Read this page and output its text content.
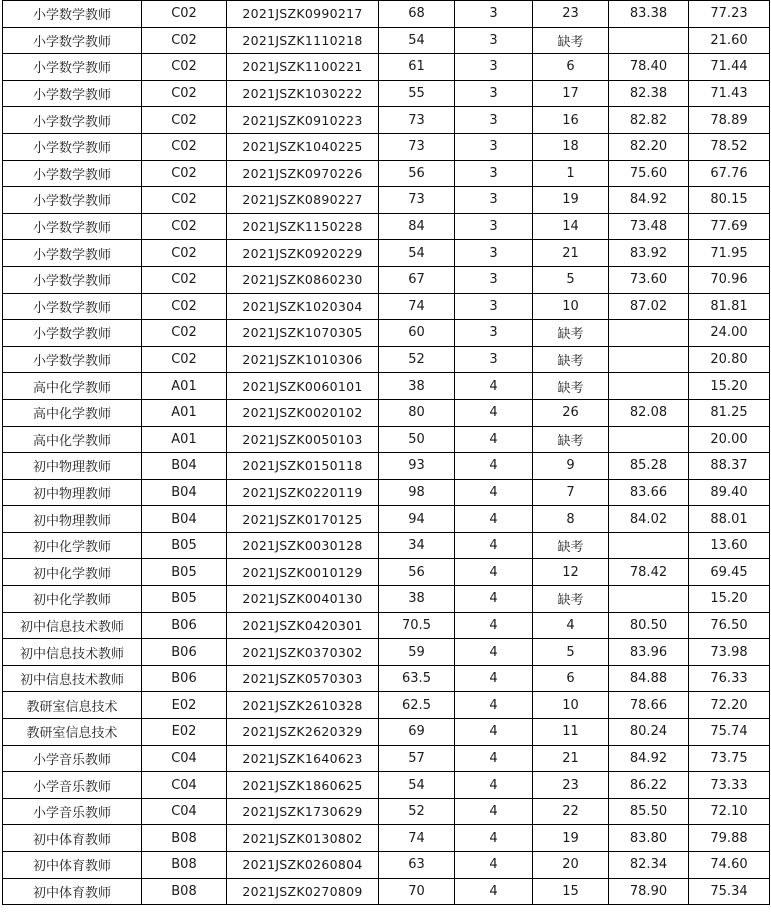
小学数学教师	C02	2021JSZK0990217	68	3	23	83.38	77.23
小学数学教师	C02	2021JSZK1110218	54	3	缺考		21.60
小学数学教师	C02	2021JSZK1100221	61	3	6	78.40	71.44
小学数学教师	C02	2021JSZK1030222	55	3	17	82.38	71.43
小学数学教师	C02	2021JSZK0910223	73	3	16	82.82	78.89
小学数学教师	C02	2021JSZK1040225	73	3	18	82.20	78.52
小学数学教师	C02	2021JSZK0970226	56	3	1	75.60	67.76
小学数学教师	C02	2021JSZK0890227	73	3	19	84.92	80.15
小学数学教师	C02	2021JSZK1150228	84	3	14	73.48	77.69
小学数学教师	C02	2021JSZK0920229	54	3	21	83.92	71.95
小学数学教师	C02	2021JSZK0860230	67	3	5	73.60	70.96
小学数学教师	C02	2021JSZK1020304	74	3	10	87.02	81.81
小学数学教师	C02	2021JSZK1070305	60	3	缺考		24.00
小学数学教师	C02	2021JSZK1010306	52	3	缺考		20.80
高中化学教师	A01	2021JSZK0060101	38	4	缺考		15.20
高中化学教师	A01	2021JSZK0020102	80	4	26	82.08	81.25
高中化学教师	A01	2021JSZK0050103	50	4	缺考		20.00
初中物理教师	B04	2021JSZK0150118	93	4	9	85.28	88.37
初中物理教师	B04	2021JSZK0220119	98	4	7	83.66	89.40
初中物理教师	B04	2021JSZK0170125	94	4	8	84.02	88.01
初中化学教师	B05	2021JSZK0030128	34	4	缺考		13.60
初中化学教师	B05	2021JSZK0010129	56	4	12	78.42	69.45
初中化学教师	B05	2021JSZK0040130	38	4	缺考		15.20
初中信息技术教师	B06	2021JSZK0420301	70.5	4	4	80.50	76.50
初中信息技术教师	B06	2021JSZK0370302	59	4	5	83.96	73.98
初中信息技术教师	B06	2021JSZK0570303	63.5	4	6	84.88	76.33
教研室信息技术	E02	2021JSZK2610328	62.5	4	10	78.66	72.20
教研室信息技术	E02	2021JSZK2620329	69	4	11	80.24	75.74
小学音乐教师	C04	2021JSZK1640623	57	4	21	84.92	73.75
小学音乐教师	C04	2021JSZK1860625	54	4	23	86.22	73.33
小学音乐教师	C04	2021JSZK1730629	52	4	22	85.50	72.10
初中体育教师	B08	2021JSZK0130802	74	4	19	83.80	79.88
初中体育教师	B08	2021JSZK0260804	63	4	20	82.34	74.60
初中体育教师	B08	2021JSZK0270809	70	4	15	78.90	75.34
